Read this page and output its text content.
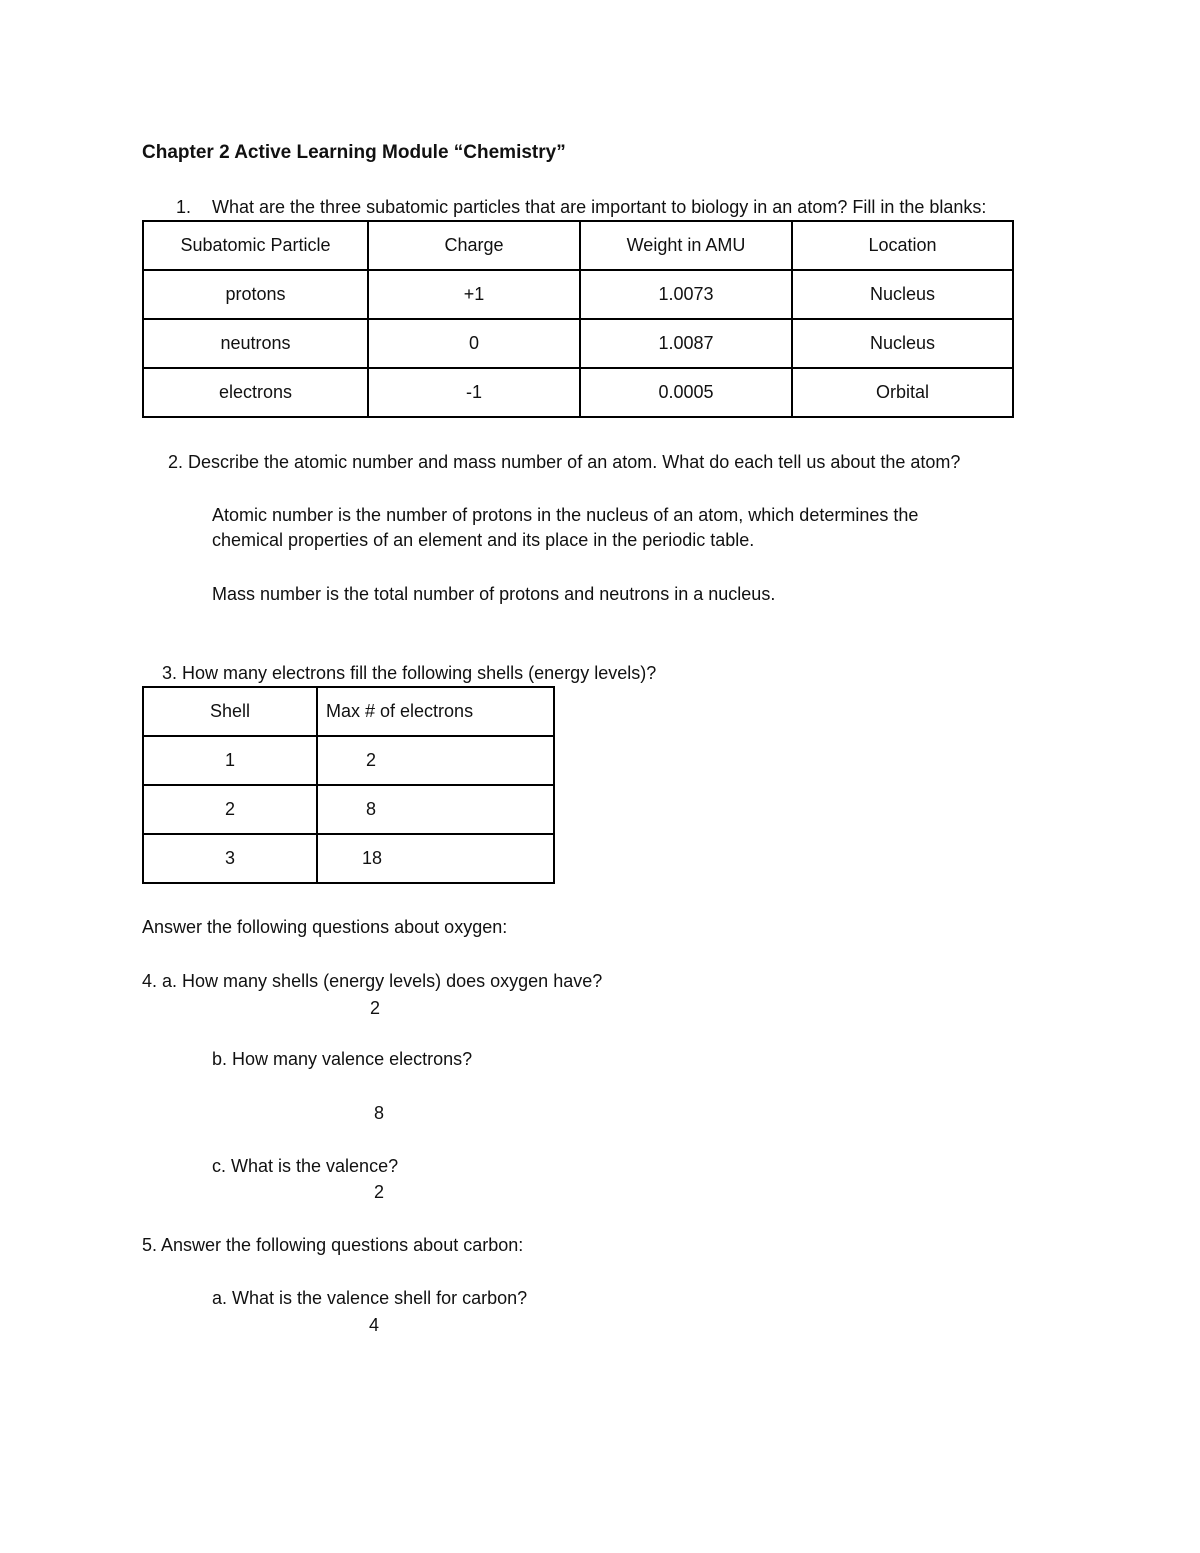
Chapter 2 Active Learning Module “Chemistry”
1. What are the three subatomic particles that are important to biology in an atom? Fill in the blanks:
Subatomic Particle	Charge	Weight in AMU	Location
protons	+1	1.0073	Nucleus
neutrons	0	1.0087	Nucleus
electrons	-1	0.0005	Orbital
2. Describe the atomic number and mass number of an atom. What do each tell us about the atom?
Atomic number is the number of protons in the nucleus of an atom, which determines the
chemical properties of an element and its place in the periodic table.
Mass number is the total number of protons and neutrons in a nucleus.
3. How many electrons fill the following shells (energy levels)?
Shell	Max # of electrons
1	2
2	8
3	18
Answer the following questions about oxygen:
4. a. How many shells (energy levels) does oxygen have?
2
b. How many valence electrons?
8
c. What is the valence?
2
5. Answer the following questions about carbon:
a. What is the valence shell for carbon?
4
